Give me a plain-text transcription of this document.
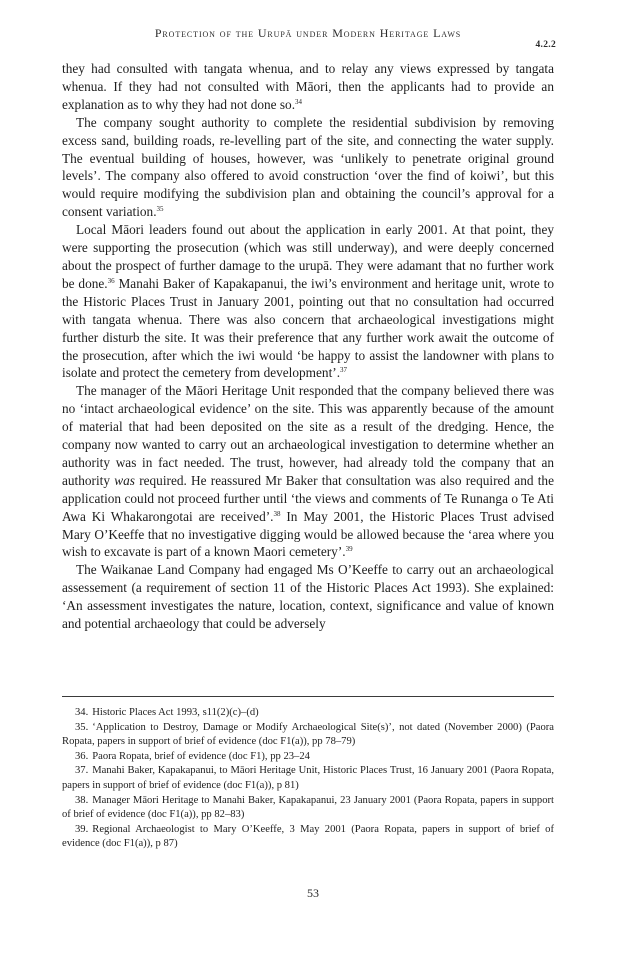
Protection of the Urupā under Modern Heritage Laws
4.2.2

they had consulted with tangata whenua, and to relay any views expressed by tangata whenua. If they had not consulted with Māori, then the applicants had to provide an explanation as to why they had not done so.$^{34}$

The company sought authority to complete the residential subdivision by removing excess sand, building roads, re-levelling part of the site, and connecting the water supply. The eventual building of houses, however, was ‘unlikely to penetrate original ground levels’. The company also offered to avoid construction ‘over the find of koiwi’, but this would require modifying the subdivision plan and obtaining the council’s approval for a consent variation.$^{35}$

Local Māori leaders found out about the application in early 2001. At that point, they were supporting the prosecution (which was still underway), and were deeply concerned about the prospect of further damage to the urupā. They were adamant that no further work be done.$^{36}$ Manahi Baker of Kapakapanui, the iwi’s environment and heritage unit, wrote to the Historic Places Trust in January 2001, pointing out that no consultation had occurred with tangata whenua. There was also concern that archaeological investigations might further disturb the site. It was their preference that any further work await the outcome of the prosecution, after which the iwi would ‘be happy to assist the landowner with plans to isolate and protect the cemetery from development’.$^{37}$

The manager of the Māori Heritage Unit responded that the company believed there was no ‘intact archaeological evidence’ on the site. This was apparently because of the amount of material that had been deposited on the site as a result of the dredging. Hence, the company now wanted to carry out an archaeological investigation to determine whether an authority was in fact needed. The trust, however, had already told the company that an authority was required. He reassured Mr Baker that consultation was also required and the application could not proceed further until ‘the views and comments of Te Runanga o Te Ati Awa Ki Whakarongotai are received’.$^{38}$ In May 2001, the Historic Places Trust advised Mary O’Keeffe that no investigative digging would be allowed because the ‘area where you wish to excavate is part of a known Maori cemetery’.$^{39}$

The Waikanae Land Company had engaged Ms O’Keeffe to carry out an archaeological assessement (a requirement of section 11 of the Historic Places Act 1993). She explained: ‘An assessment investigates the nature, location, context, significance and value of known and potential archaeology that could be adversely

34. Historic Places Act 1993, s11(2)(c)–(d)

35. ‘Application to Destroy, Damage or Modify Archaeological Site(s)’, not dated (November 2000) (Paora Ropata, papers in support of brief of evidence (doc F1(a)), pp 78–79)

36. Paora Ropata, brief of evidence (doc F1), pp 23–24

37. Manahi Baker, Kapakapanui, to Māori Heritage Unit, Historic Places Trust, 16 January 2001 (Paora Ropata, papers in support of brief of evidence (doc F1(a)), p 81)

38. Manager Māori Heritage to Manahi Baker, Kapakapanui, 23 January 2001 (Paora Ropata, papers in support of brief of evidence (doc F1(a)), pp 82–83)

39. Regional Archaeologist to Mary O’Keeffe, 3 May 2001 (Paora Ropata, papers in support of brief of evidence (doc F1(a)), p 87)

53
